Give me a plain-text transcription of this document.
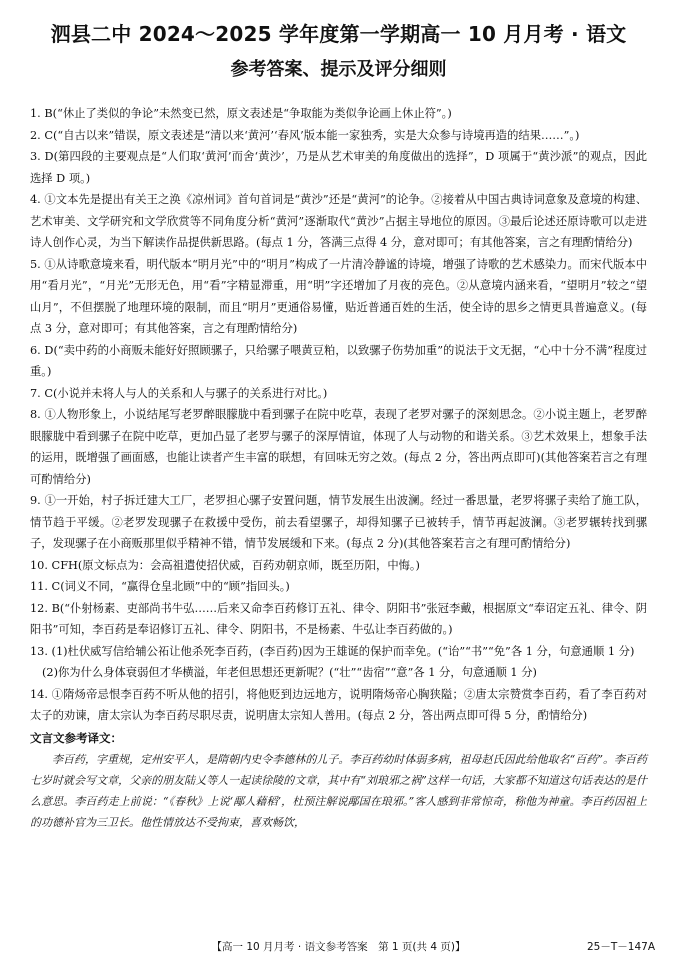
泗县二中 2024～2025 学年度第一学期高一 10 月月考 · 语文
参考答案、提示及评分细则

1. B(“休止了类似的争论”未然变已然，原文表述是“争取能为类似争论画上休止符”。)

2. C(“自古以来”错误，原文表述是“清以来‘黄河’‘春风’版本能一家独秀，实是大众参与诗境再造的结果……”。)

3. D(第四段的主要观点是“人们取‘黄河’而舍‘黄沙’，乃是从艺术审美的角度做出的选择”，D 项属于“黄沙派”的观点，因此选择 D 项。)

4. ①文本先是提出有关王之涣《凉州词》首句首词是“黄沙”还是“黄河”的论争。②接着从中国古典诗词意象及意境的构建、艺术审美、文学研究和文学欣赏等不同角度分析“黄河”逐渐取代“黄沙”占据主导地位的原因。③最后论述还原诗歌可以走进诗人创作心灵，为当下解读作品提供新思路。(每点 1 分，答满三点得 4 分，意对即可；有其他答案，言之有理酌情给分)

5. ①从诗歌意境来看，明代版本“明月光”中的“明月”构成了一片清冷静谧的诗境，增强了诗歌的艺术感染力。而宋代版本中用“看月光”，“月光”无形无色，用“看”字精显滞重，用“明”字还增加了月夜的亮色。②从意境内涵来看，“望明月”较之“望山月”，不但摆脱了地理环境的限制，而且“明月”更通俗易懂，贴近普通百姓的生活，使全诗的思乡之情更具普遍意义。(每点 3 分，意对即可；有其他答案，言之有理酌情给分)

6. D(“卖中药的小商贩未能好好照顾骡子，只给骡子喂黄豆粕，以致骡子伤势加重”的说法于文无据，“心中十分不满”程度过重。)

7. C(小说并未将人与人的关系和人与骡子的关系进行对比。)

8. ①人物形象上，小说结尾写老罗醉眼朦胧中看到骡子在院中吃草，表现了老罗对骡子的深刻思念。②小说主题上，老罗醉眼朦胧中看到骡子在院中吃草，更加凸显了老罗与骡子的深厚情谊，体现了人与动物的和谐关系。③艺术效果上，想象手法的运用，既增强了画面感，也能让读者产生丰富的联想，有回味无穷之效。(每点 2 分，答出两点即可)(其他答案若言之有理可酌情给分)

9. ①一开始，村子拆迁建大工厂，老罗担心骡子安置问题，情节发展生出波澜。经过一番思量，老罗将骡子卖给了施工队，情节趋于平缓。②老罗发现骡子在救援中受伤，前去看望骡子，却得知骡子已被转手，情节再起波澜。③老罗辗转找到骡子，发现骡子在小商贩那里似乎精神不错，情节发展缓和下来。(每点 2 分)(其他答案若言之有理可酌情给分)

10. CFH(原文标点为：会高祖遣使招伏威，百药劝朝京师，既至历阳，中悔。)

11. C(词义不同，“赢得仓皇北顾”中的“顾”指回头。)

12. B(“仆射杨素、吏部尚书牛弘……后来又命李百药修订五礼、律令、阴阳书”张冠李戴，根据原文“奉诏定五礼、律令、阴阳书”可知，李百药是奉诏修订五礼、律令、阴阳书，不是杨素、牛弘让李百药做的。)

13. (1)杜伏威写信给辅公祏让他杀死李百药，(李百药)因为王雄诞的保护而幸免。(“诒”“书”“免”各 1 分，句意通顺 1 分)

(2)你为什么身体衰弱但才华横溢，年老但思想还更新呢？(“壮”“齿宿”“意”各 1 分，句意通顺 1 分)

14. ①隋炀帝忌恨李百药不听从他的招引，将他贬到边远地方，说明隋炀帝心胸狭隘；②唐太宗赞赏李百药，看了李百药对太子的劝谏，唐太宗认为李百药尽职尽责，说明唐太宗知人善用。(每点 2 分，答出两点即可得 5 分，酌情给分)

文言文参考译文：

李百药，字重规，定州安平人，是隋朝内史令李德林的儿子。李百药幼时体弱多病，祖母赵氏因此给他取名“百药”。李百药七岁时就会写文章，父亲的朋友陆乂等人一起读徐陵的文章，其中有“刘琅邪之祸”这样一句话，大家都不知道这句话表达的是什么意思。李百药走上前说：“《春秋》上说‘鄅人藉稻’，杜预注解说鄅国在琅邪。”客人感到非常惊奇，称他为神童。李百药因祖上的功德补官为三卫长。他性情放达不受拘束，喜欢畅饮，

【高一 10 月月考 · 语文参考答案　第 1 页(共 4 页)】	25－T－147A
